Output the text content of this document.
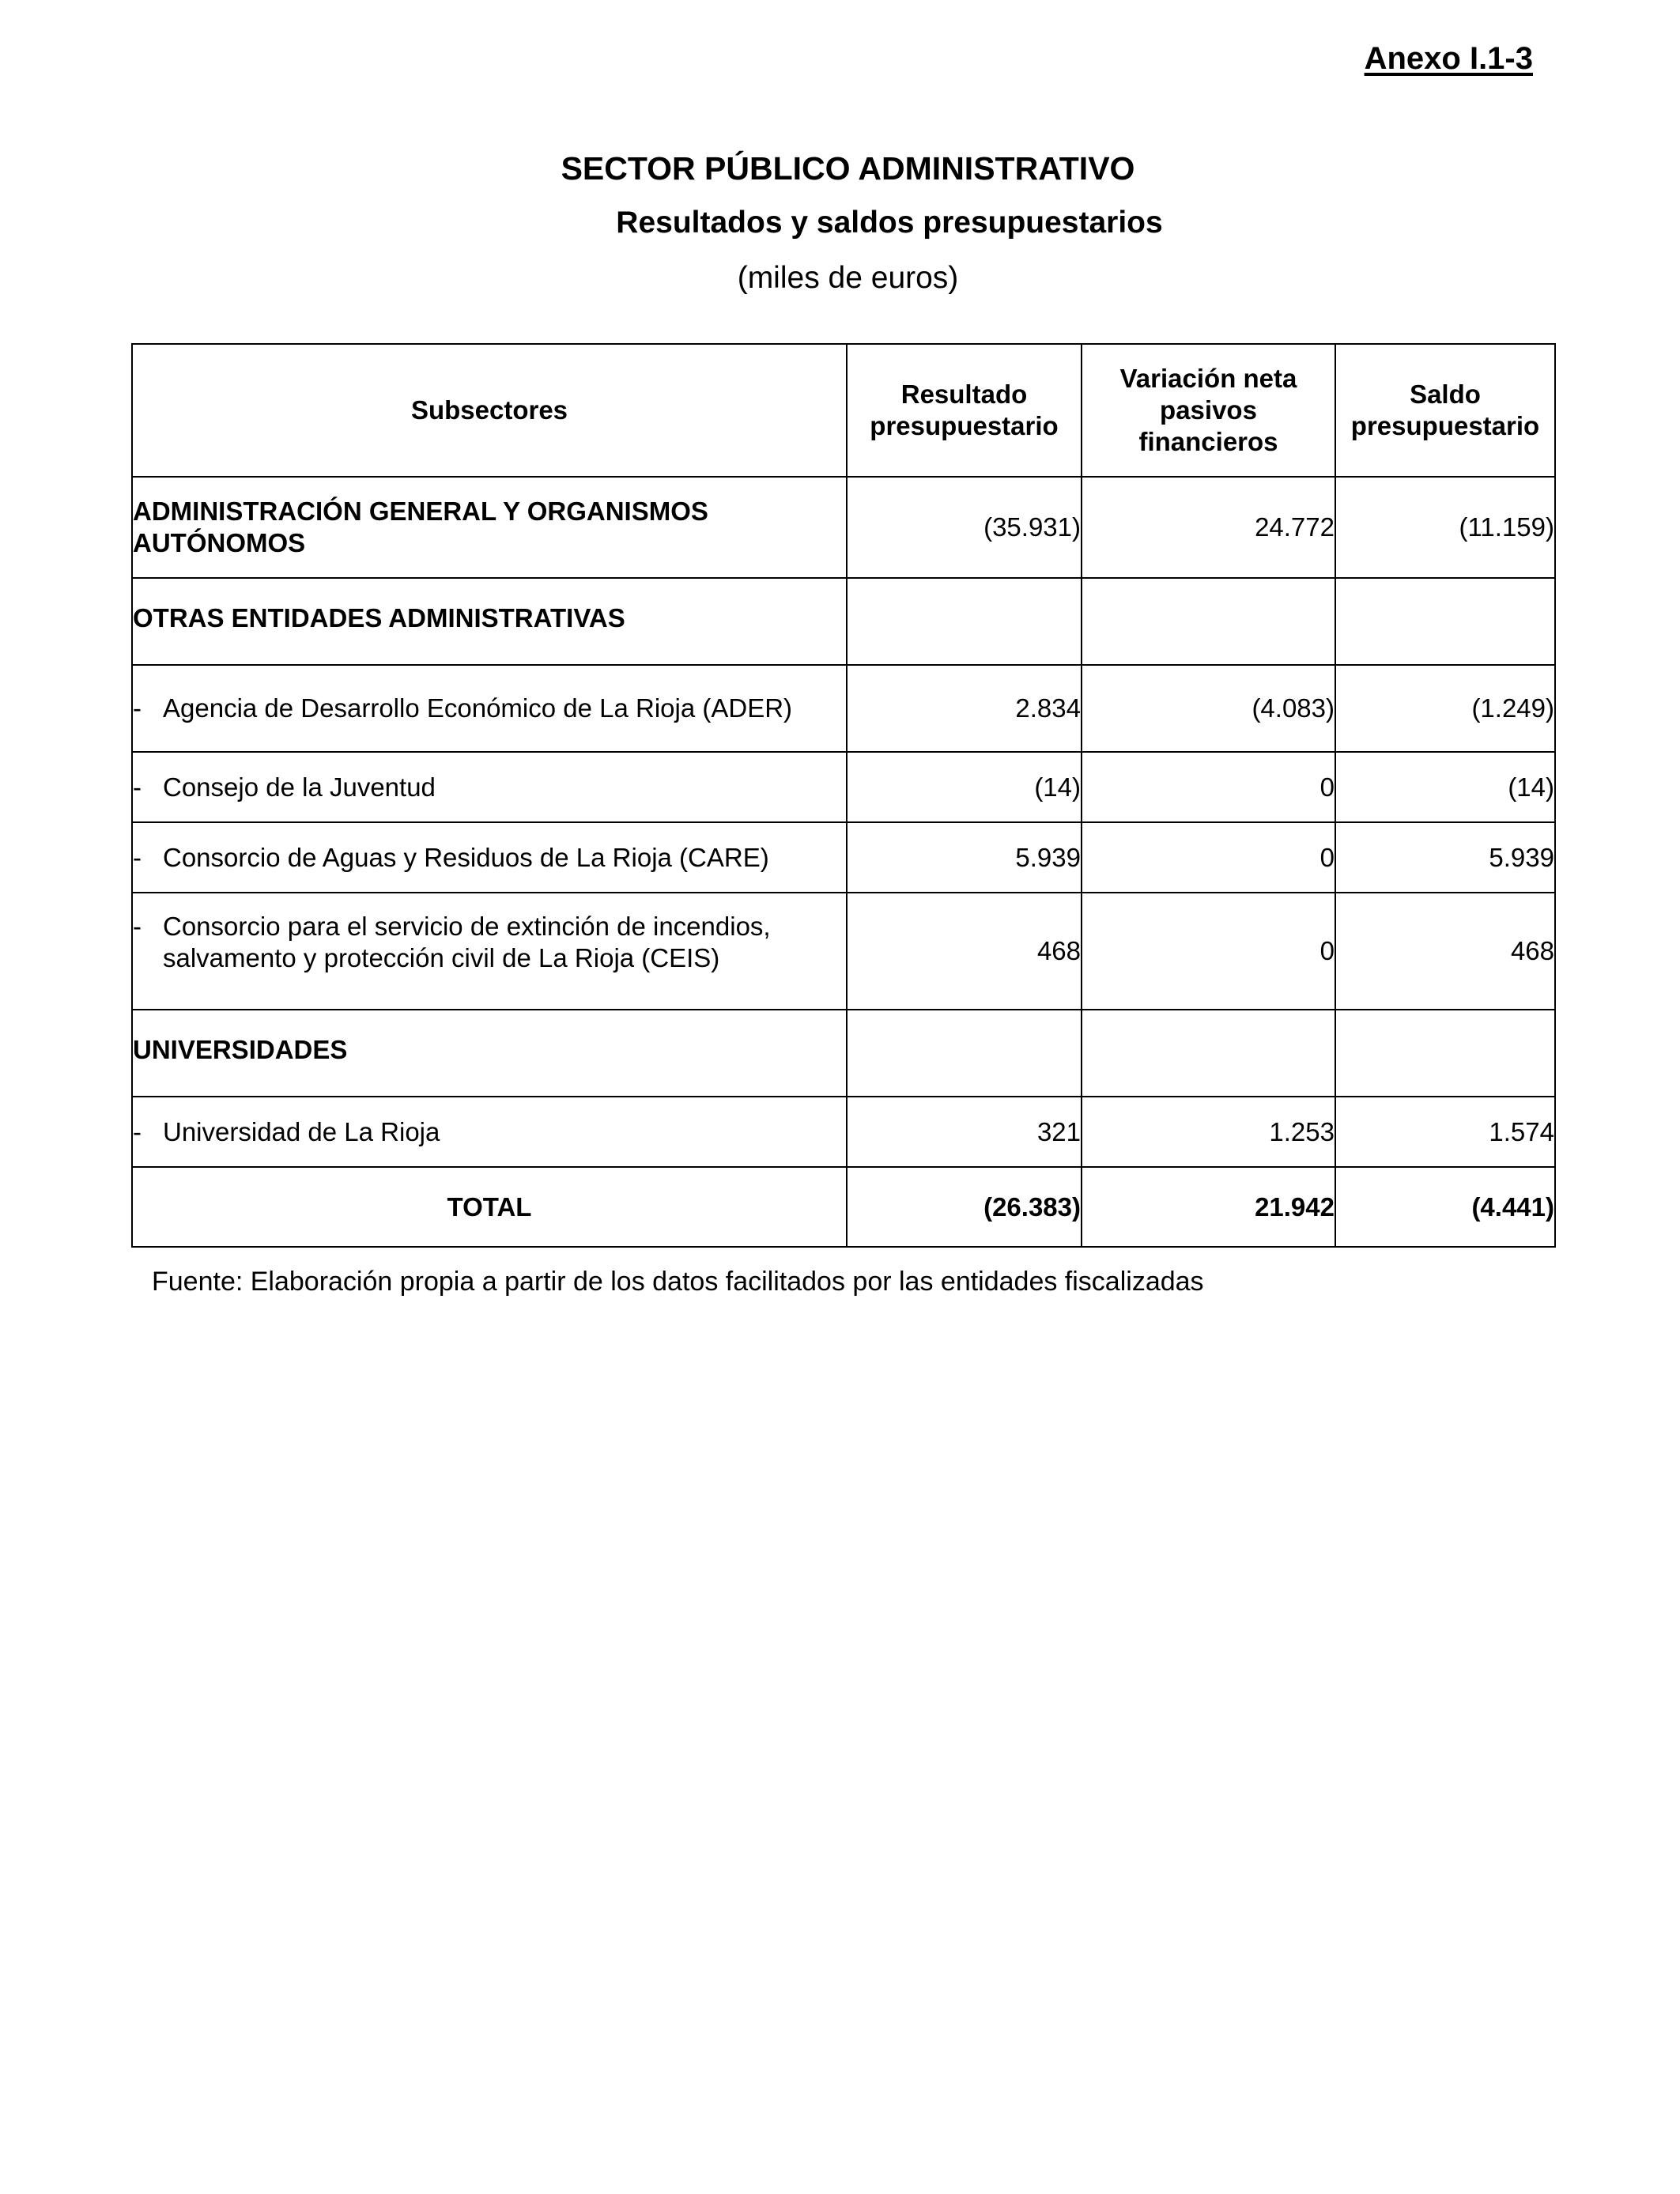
Anexo I.1-3
SECTOR PÚBLICO ADMINISTRATIVO
Resultados y saldos presupuestarios
(miles de euros)
Subsectores	Resultado presupuestario	Variación neta pasivos financieros	Saldo presupuestario
ADMINISTRACIÓN GENERAL Y ORGANISMOS AUTÓNOMOS	(35.931)	24.772	(11.159)
OTRAS ENTIDADES ADMINISTRATIVAS			

- Agencia de Desarrollo Económico de La Rioja (ADER)	2.834	(4.083)	(1.249)

- Consejo de la Juventud	(14)	0	(14)

- Consorcio de Aguas y Residuos de La Rioja (CARE)	5.939	0	5.939

- Consorcio para el servicio de extinción de incendios, salvamento y protección civil de La Rioja (CEIS)	468	0	468
UNIVERSIDADES			

- Universidad de La Rioja	321	1.253	1.574
TOTAL	(26.383)	21.942	(4.441)
Fuente: Elaboración propia a partir de los datos facilitados por las entidades fiscalizadas
